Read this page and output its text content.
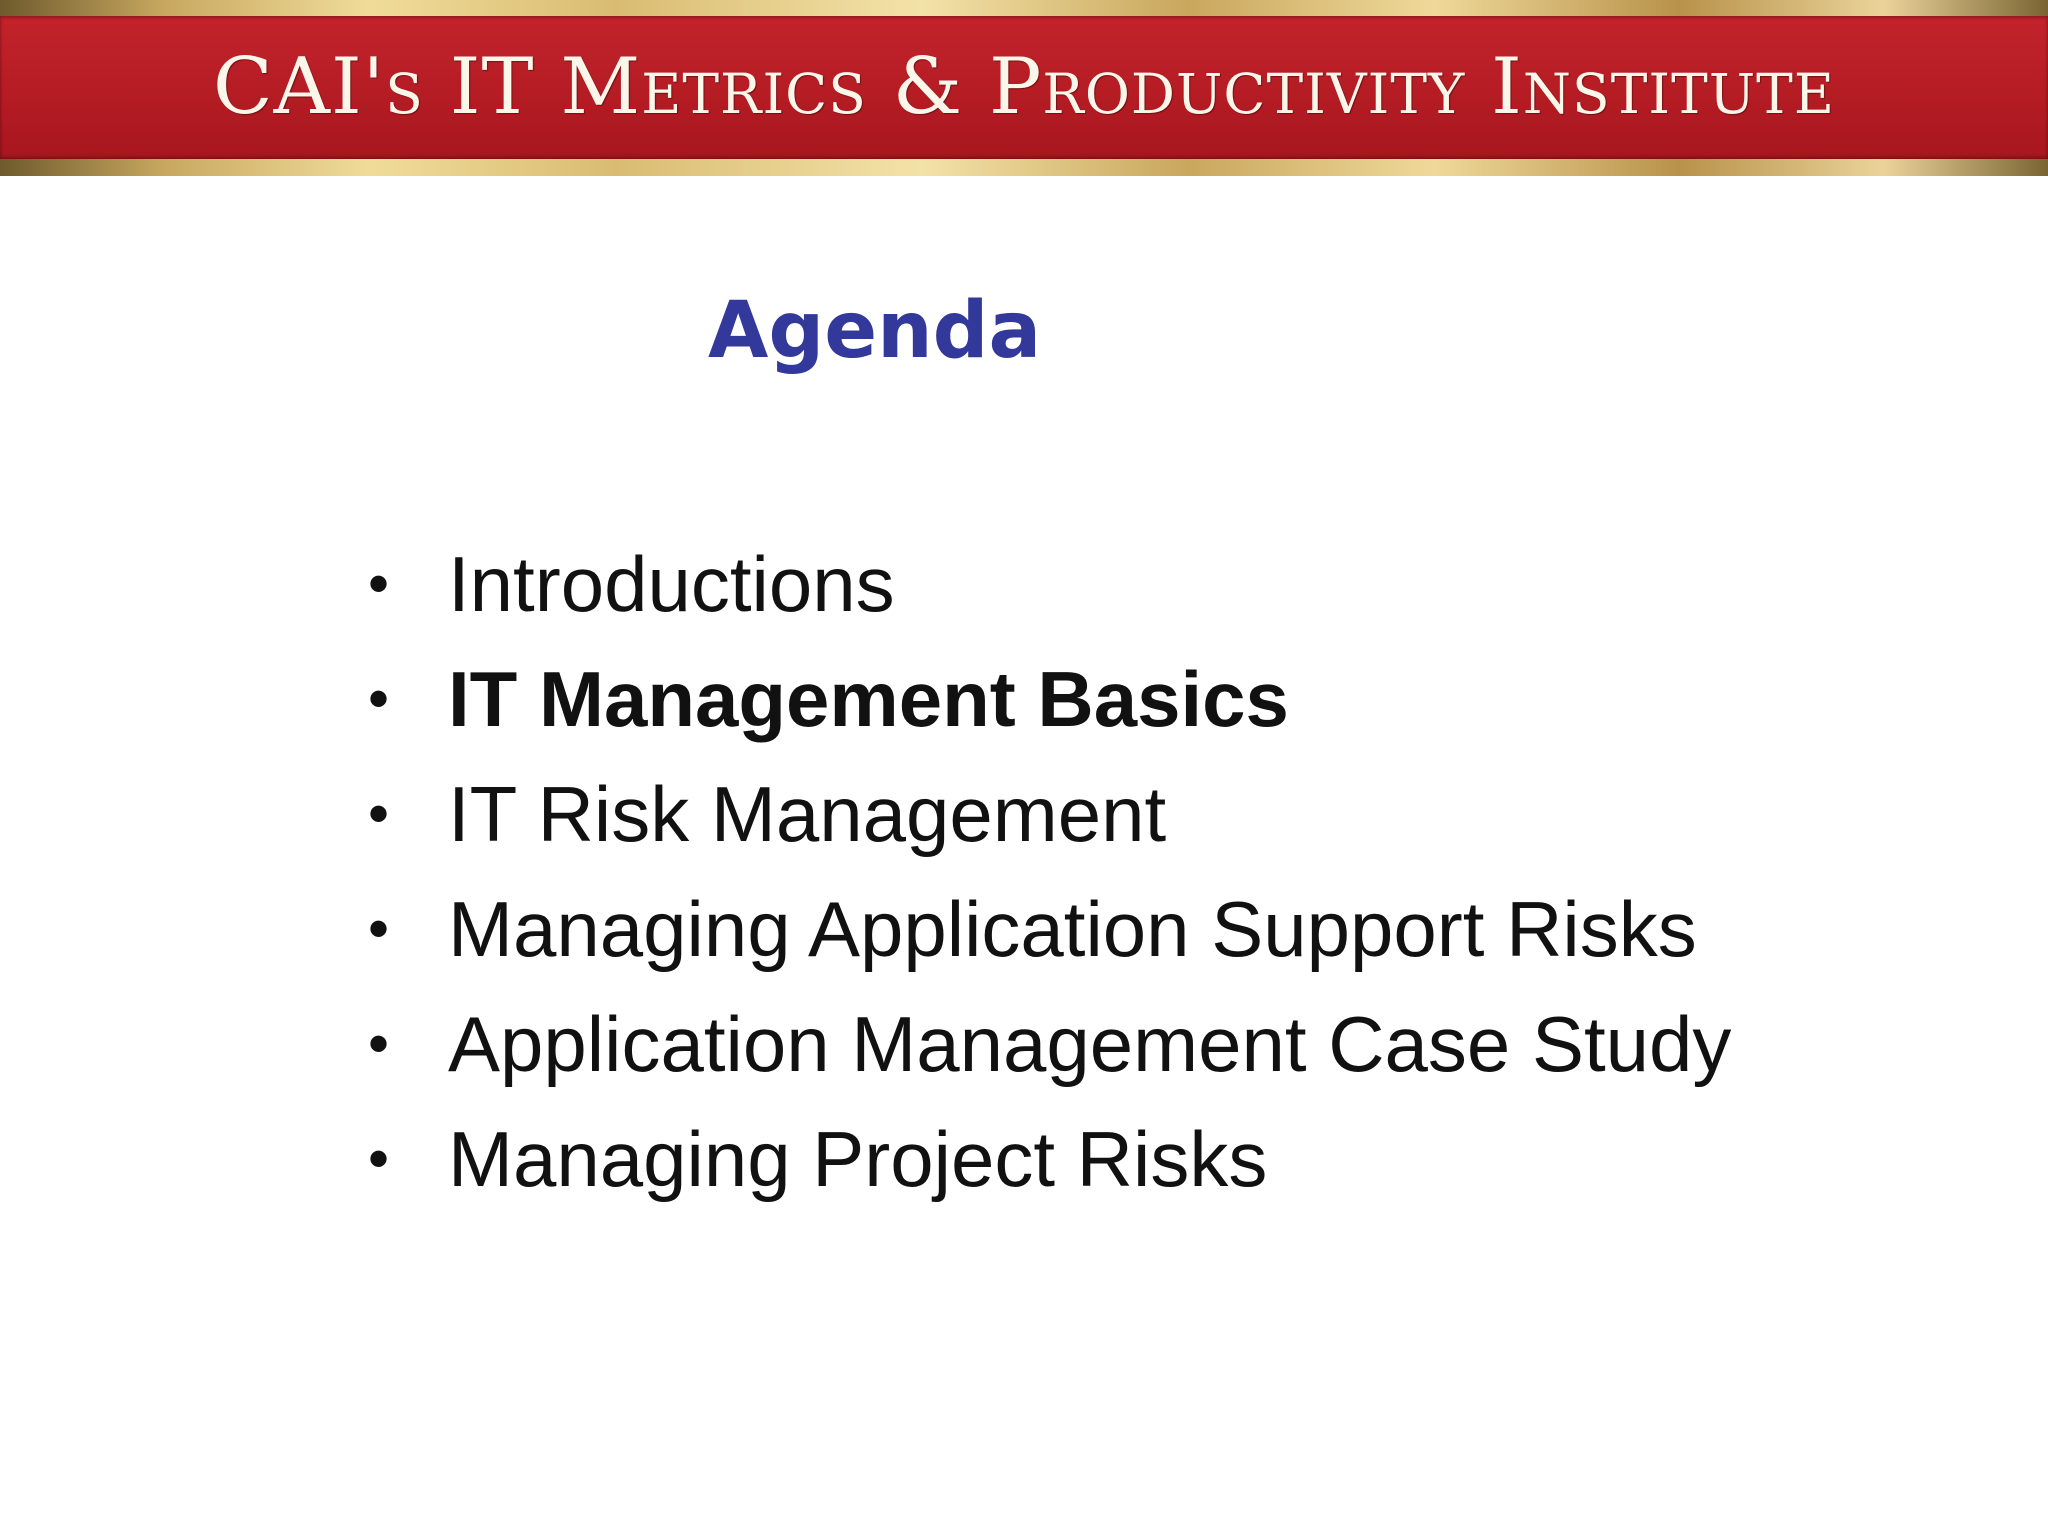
CAI's IT Metrics & Productivity Institute
Agenda
• Introductions
• IT Management Basics
• IT Risk Management
• Managing Application Support Risks
• Application Management Case Study
• Managing Project Risks
